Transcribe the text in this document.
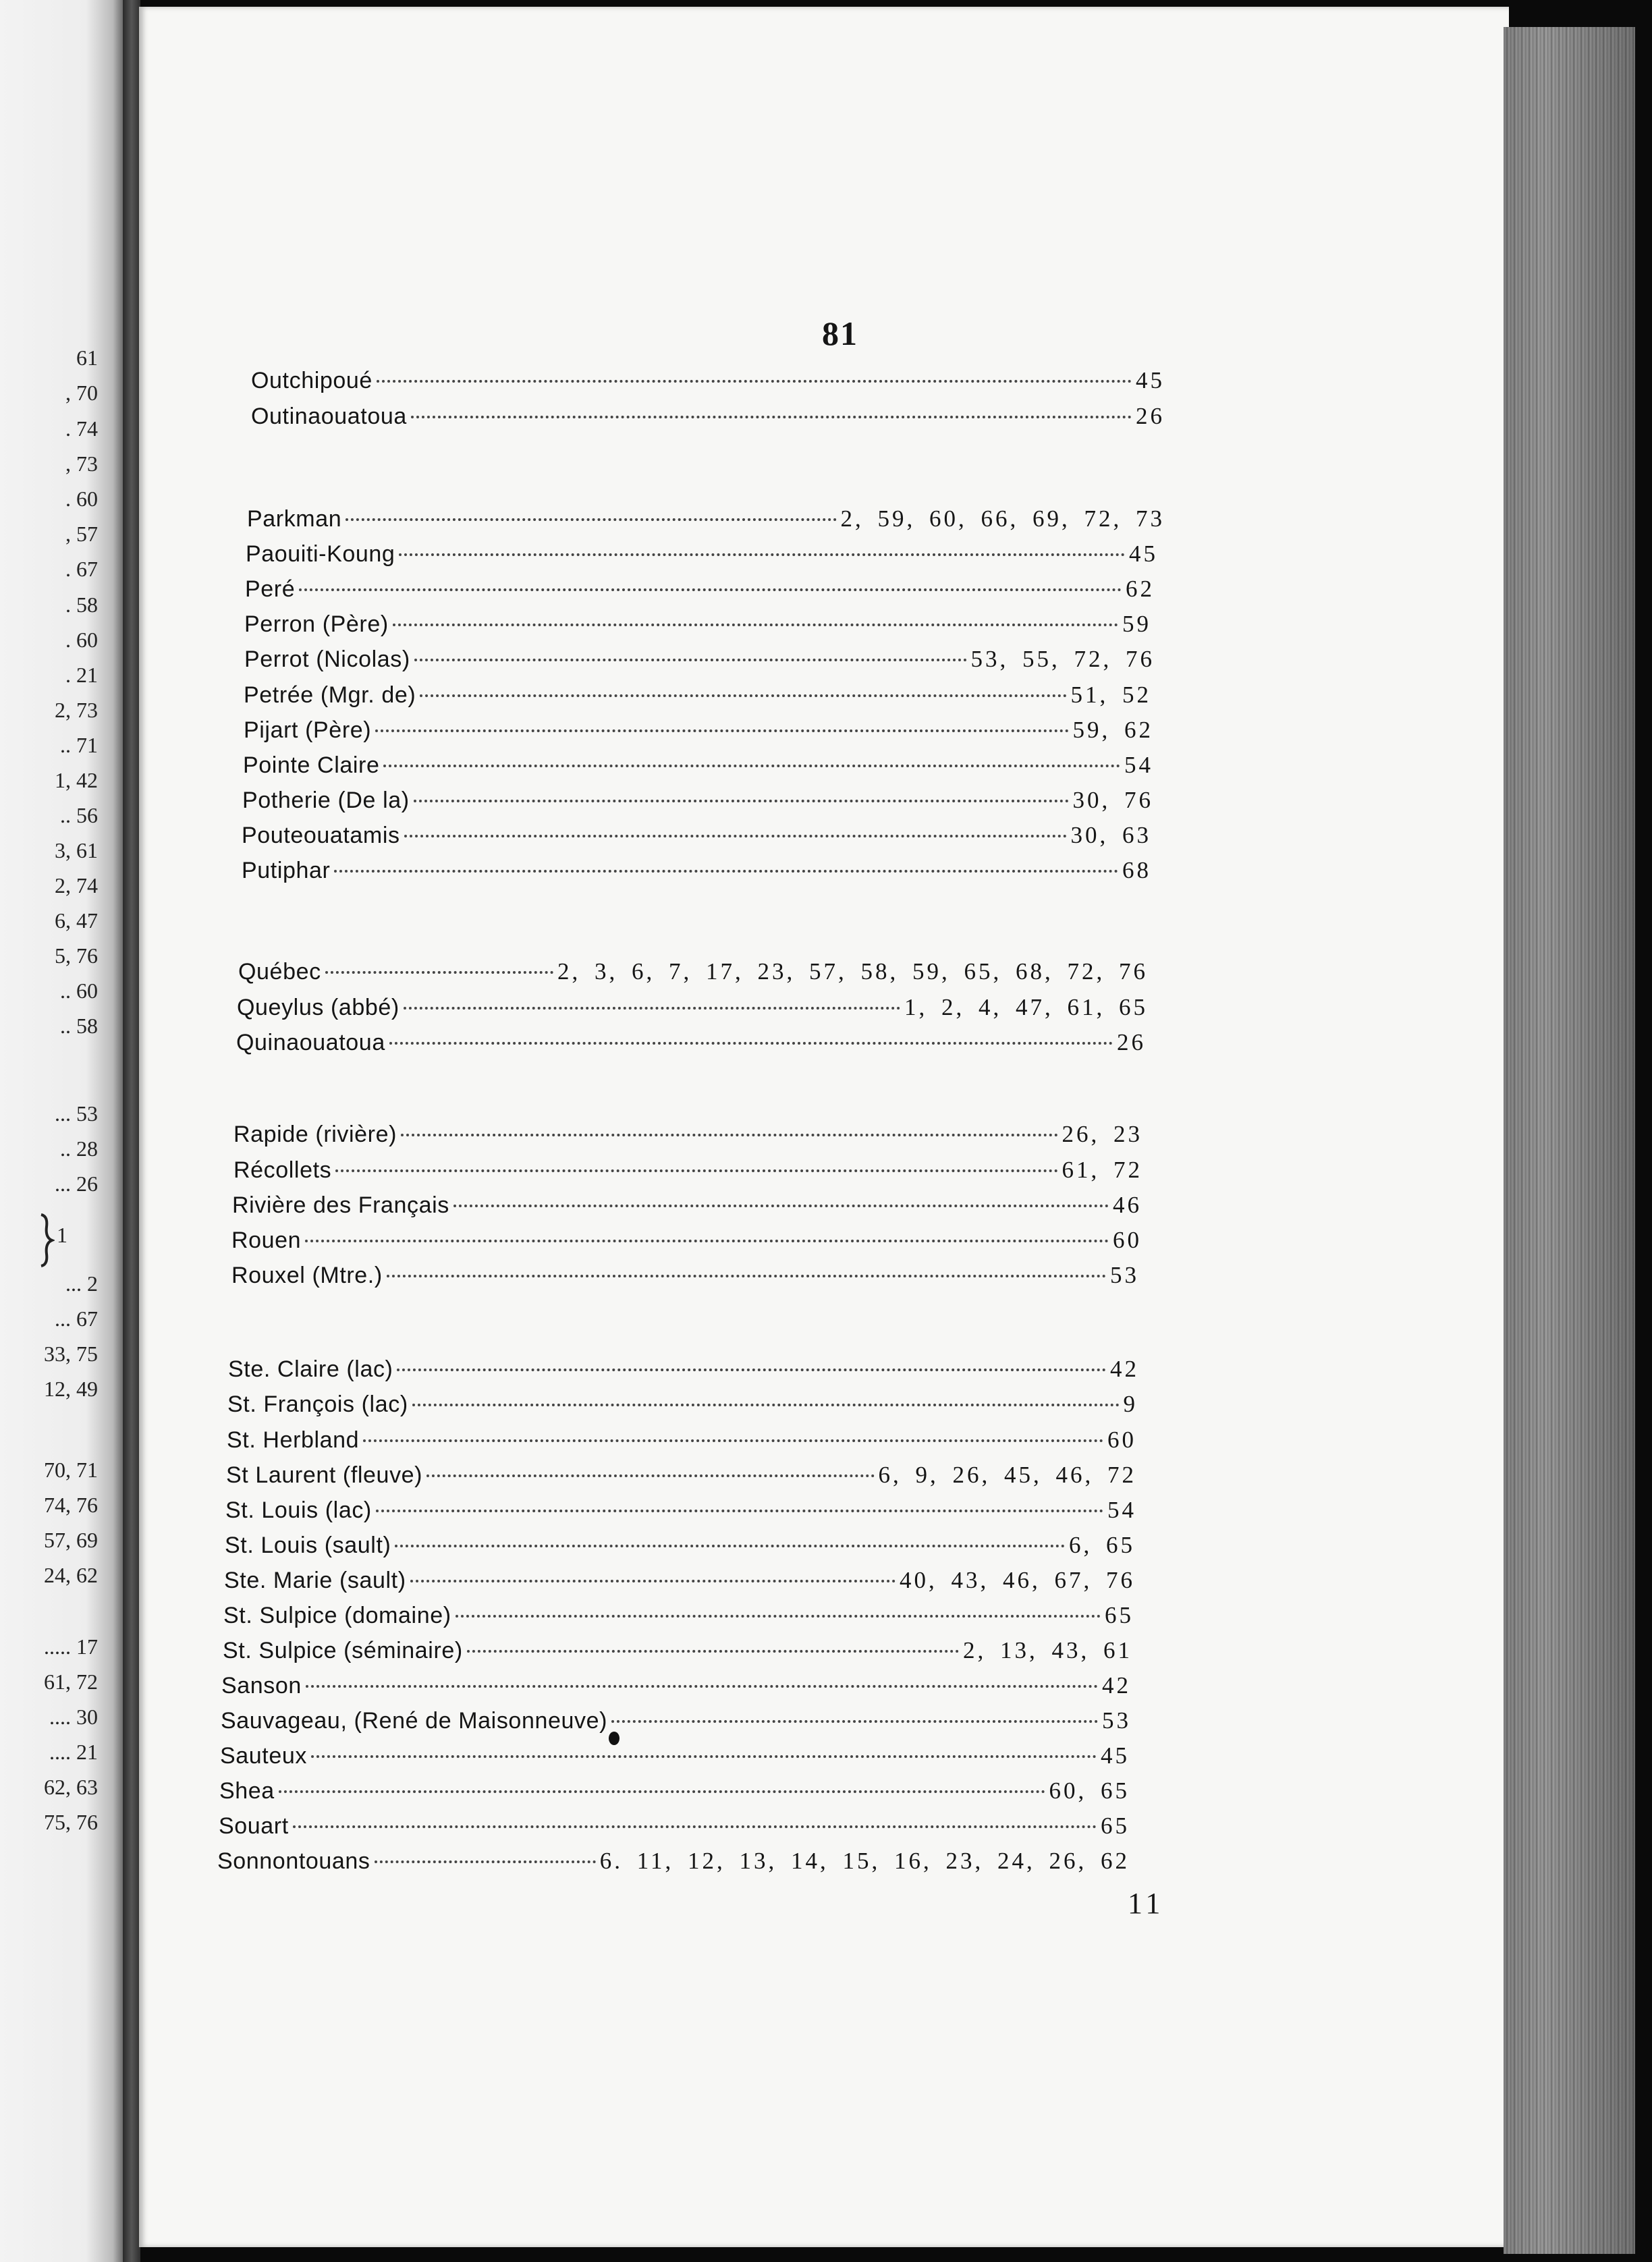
61
, 70
. 74
, 73
. 60
, 57
. 67
. 58
. 60
. 21
2, 73
.. 71
1, 42
.. 56
3, 61
2, 74
6, 47
5, 76
.. 60
.. 58
... 53
.. 28
... 26
1
... 2
... 67
33, 75
12, 49
70, 71
74, 76
57, 69
24, 62
..... 17
61, 72
.... 30
.... 21
62, 63
75, 76
81
Outchipoué	45
Outinaouatoua	26
Parkman	2, 59, 60, 66, 69, 72, 73
Paouiti-Koung	45
Peré	62
Perron (Père)	59
Perrot (Nicolas)	53, 55, 72, 76
Petrée (Mgr. de)	51, 52
Pijart (Père)	59, 62
Pointe Claire	54
Potherie (De la)	30, 76
Pouteouatamis	30, 63
Putiphar	68
Québec	2, 3, 6, 7, 17, 23, 57, 58, 59, 65, 68, 72, 76
Queylus (abbé)	1, 2, 4, 47, 61, 65
Quinaouatoua	26
Rapide (rivière)	26, 23
Récollets	61, 72
Rivière des Français	46
Rouen	60
Rouxel (Mtre.)	53
Ste. Claire (lac)	42
St. François (lac)	9
St. Herbland	60
St Laurent (fleuve)	6, 9, 26, 45, 46, 72
St. Louis (lac)	54
St. Louis (sault)	6, 65
Ste. Marie (sault)	40, 43, 46, 67, 76
St. Sulpice (domaine)	65
St. Sulpice (séminaire)	2, 13, 43, 61
Sanson	42
Sauvageau, (René de Maisonneuve)	53
Sauteux	45
Shea	60, 65
Souart	65
Sonnontouans	6. 11, 12, 13, 14, 15, 16, 23, 24, 26, 62
11
